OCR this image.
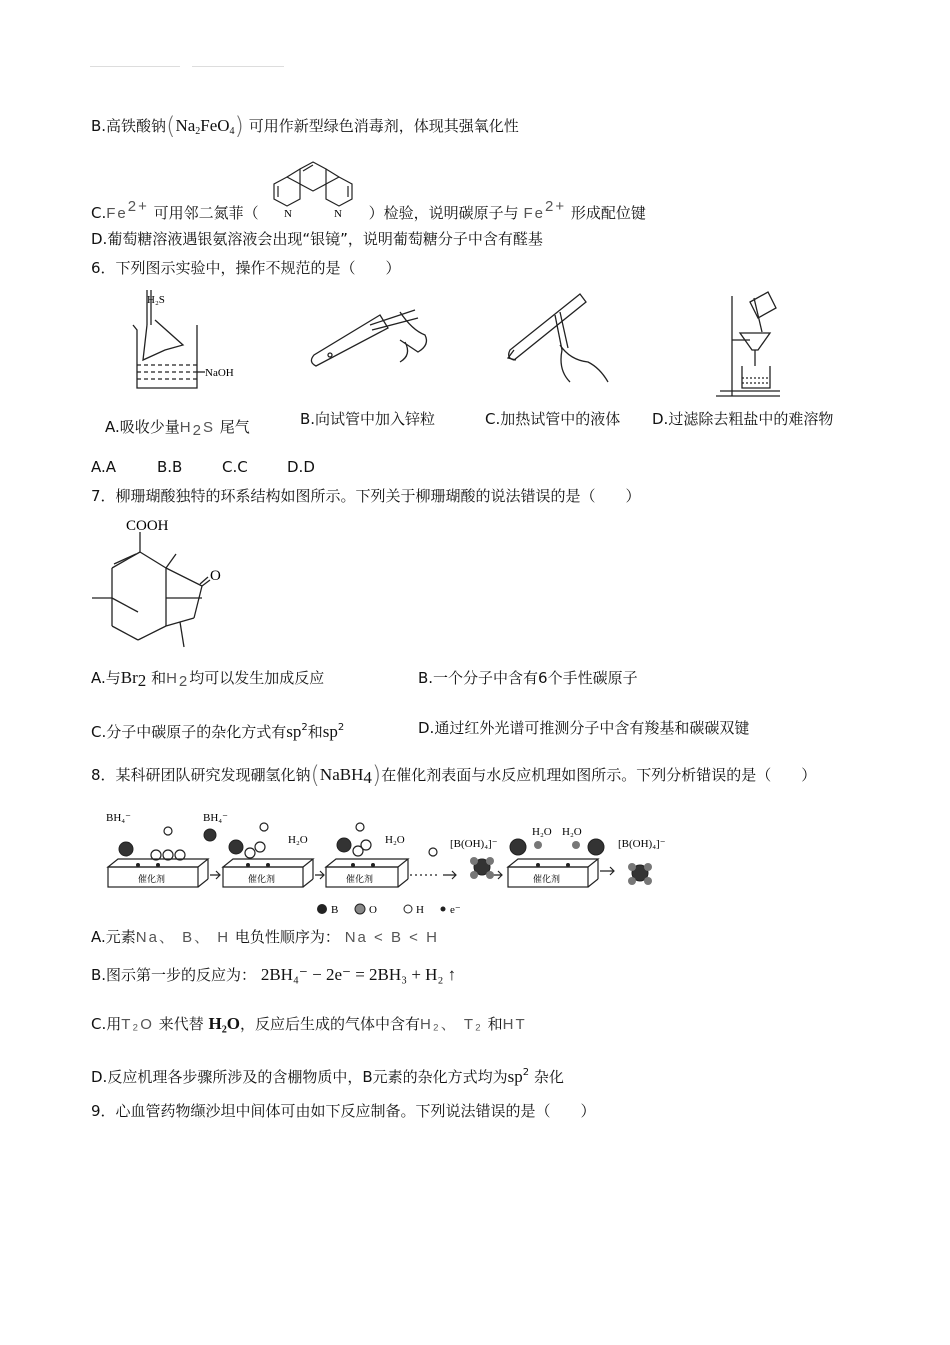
B.高铁酸钠$(Na_2FeO_4)$ 可用作新型绿色消毒剂，体现其强氧化性
N	N
$C.Fe^{2+}$ 可用邻二氮菲（	）检验，说明碳原子与 $Fe^{2+}$ 形成配位键
D.葡萄糖溶液遇银氨溶液会出现“银镜”，说明葡萄糖分子中含有醛基
6．下列图示实验中，操作不规范的是（　　）
H₂S
NaOH
A.吸收少量$H_2S$ 尾气	B.向试管中加入锌粒	C.加热试管中的液体 D.过滤除去粗盐中的难溶物
A.A	B.B	C.C	D.D
7．柳珊瑚酸独特的环系结构如图所示。下列关于柳珊瑚酸的说法错误的是（　　）
COOH
O
A.与$Br_2$ 和$H_2$均可以发生加成反应	B.一个分子中含有6个手性碳原子
C.分子中碳原子的杂化方式有$sp^2$和$sp^2$	D.通过红外光谱可推测分子中含有羧基和碳碳双键
8．某科研团队研究发现硼氢化钠(NaBH$_4$)在催化剂表面与水反应机理如图所示。下列分析错误的是（　　）
BH₄⁻	BH₄⁻
H₂O	H₂O
H₂O H₂O
[B(OH)₄]⁻	[B(OH)₄]⁻
催化剂	催化剂	催化剂	催化剂
B	O	H e⁻
A.元素Na、 B、 H 电负性顺序为： Na < B < H
B.图示第一步的反应为： 2BH₄⁻ − 2e⁻ = 2BH₃ + H₂ ↑
C.用T₂O 来代替 H₂O，反应后生成的气体中含有H₂、 T₂ 和HT
D.反应机理各步骤所涉及的含棚物质中，B元素的杂化方式均为$sp^2$ 杂化
9．心血管药物缬沙坦中间体可由如下反应制备。下列说法错误的是（　　）
